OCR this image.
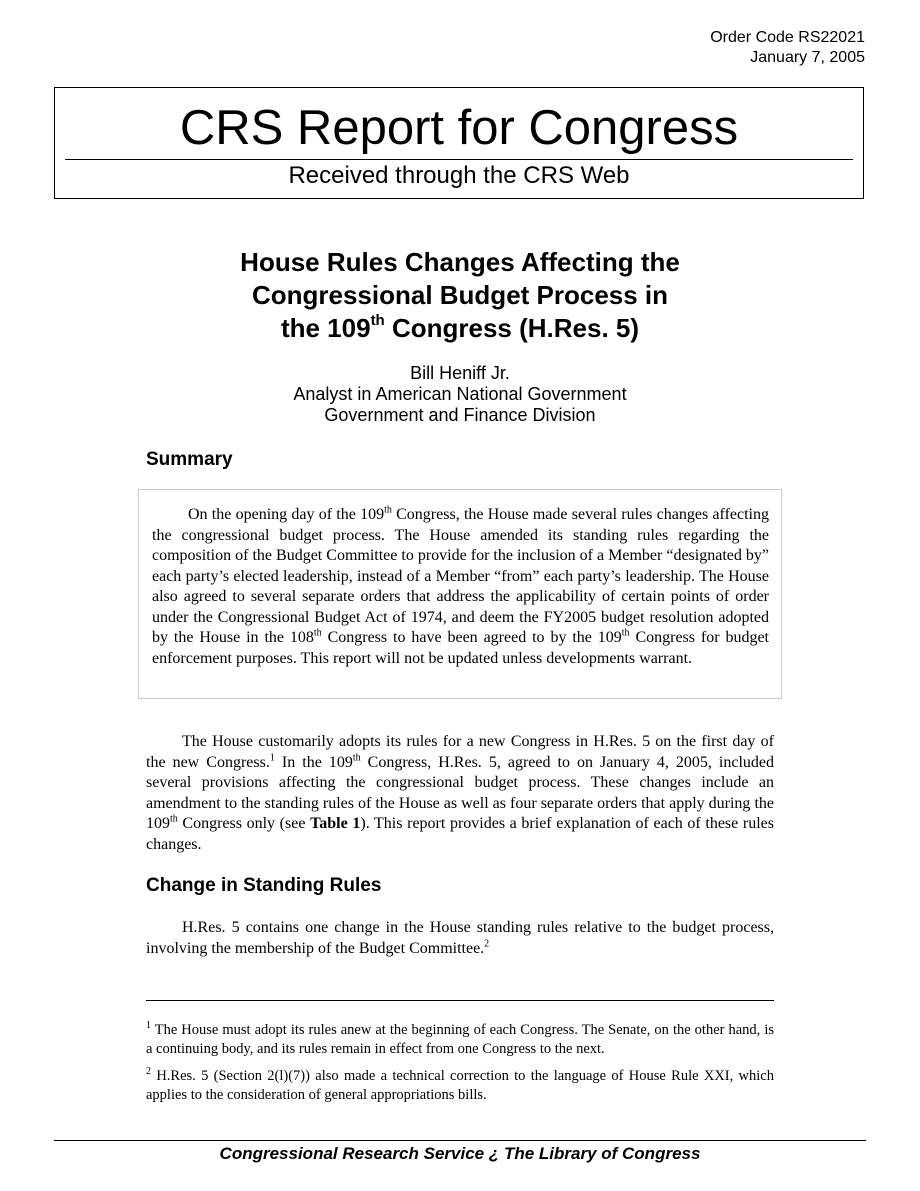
Order Code RS22021
January 7, 2005
CRS Report for Congress
Received through the CRS Web
House Rules Changes Affecting the
Congressional Budget Process in
the 109th Congress (H.Res. 5)
Bill Heniff Jr.
Analyst in American National Government
Government and Finance Division
Summary

On the opening day of the 109th Congress, the House made several rules changes affecting the congressional budget process. The House amended its standing rules regarding the composition of the Budget Committee to provide for the inclusion of a Member “designated by” each party’s elected leadership, instead of a Member “from” each party’s leadership. The House also agreed to several separate orders that address the applicability of certain points of order under the Congressional Budget Act of 1974, and deem the FY2005 budget resolution adopted by the House in the 108th Congress to have been agreed to by the 109th Congress for budget enforcement purposes. This report will not be updated unless developments warrant.

The House customarily adopts its rules for a new Congress in H.Res. 5 on the first day of the new Congress.$^1$ In the 109th Congress, H.Res. 5, agreed to on January 4, 2005, included several provisions affecting the congressional budget process. These changes include an amendment to the standing rules of the House as well as four separate orders that apply during the 109th Congress only (see Table 1). This report provides a brief explanation of each of these rules changes.

Change in Standing Rules

H.Res. 5 contains one change in the House standing rules relative to the budget process, involving the membership of the Budget Committee.$^2$

$^1$ The House must adopt its rules anew at the beginning of each Congress. The Senate, on the other hand, is a continuing body, and its rules remain in effect from one Congress to the next.

$^2$ H.Res. 5 (Section 2(l)(7)) also made a technical correction to the language of House Rule XXI, which applies to the consideration of general appropriations bills.

Congressional Research Service ¿ The Library of Congress
